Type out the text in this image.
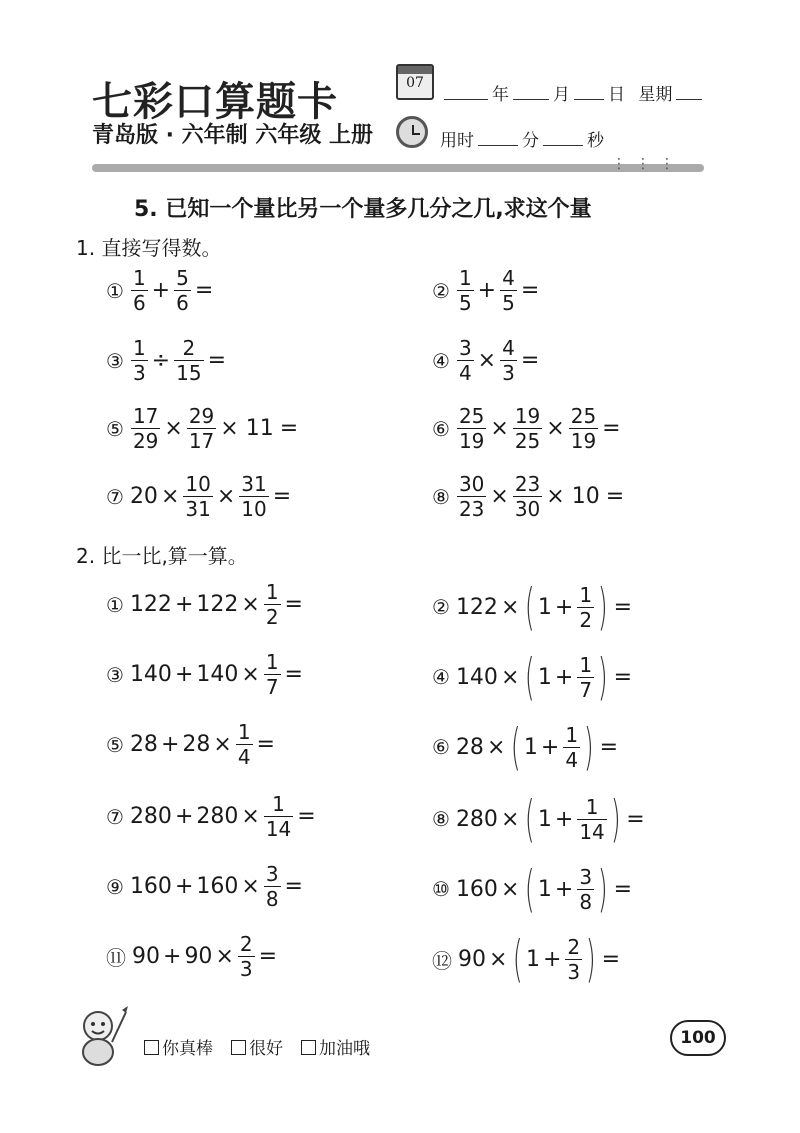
七彩口算题卡
青岛版 · 六年制 六年级 上册
07
年	月 日 星期
用时	分	秒
⋮⋮⋮
5. 已知一个量比另一个量多几分之几,求这个量
1. 直接写得数。
2. 比一比,算一算。
① $\frac{1}{6} + \frac{5}{6}$ =	② $\frac{1}{5} + \frac{4}{5}$ =
③ $\frac{1}{3} \div \frac{2}{15}$ =	④ $\frac{3}{4} \times \frac{4}{3}$ =
⑤ $\frac{17}{29} \times \frac{29}{17} \times 11$ =	⑥ $\frac{25}{19} \times \frac{19}{25} \times \frac{25}{19}$ =
⑦ $20 \times \frac{10}{31} \times \frac{31}{10}$ =	⑧ $\frac{30}{23} \times \frac{23}{30} \times 10$ =
① $122 + 122 \times \frac{1}{2}$ =	② 122 × ( $1 + \frac{1}{2}$ ) =
③ $140 + 140 \times \frac{1}{7}$ =	④ 140 × ( $1 + \frac{1}{7}$ ) =
⑤ $28 + 28 \times \frac{1}{4}$ =	⑥ 28 × ( $1 + \frac{1}{4}$ ) =
⑦ $280 + 280 \times \frac{1}{14}$ =	⑧ 280 × ( $1 + \frac{1}{14}$ ) =
⑨ $160 + 160 \times \frac{3}{8}$ =	⑩ 160 × ( $1 + \frac{3}{8}$ ) =
⑪ $90 + 90 \times \frac{2}{3}$ =	⑫ 90 × ( $1 + \frac{2}{3}$ ) =
你真棒	很好	加油哦
100
